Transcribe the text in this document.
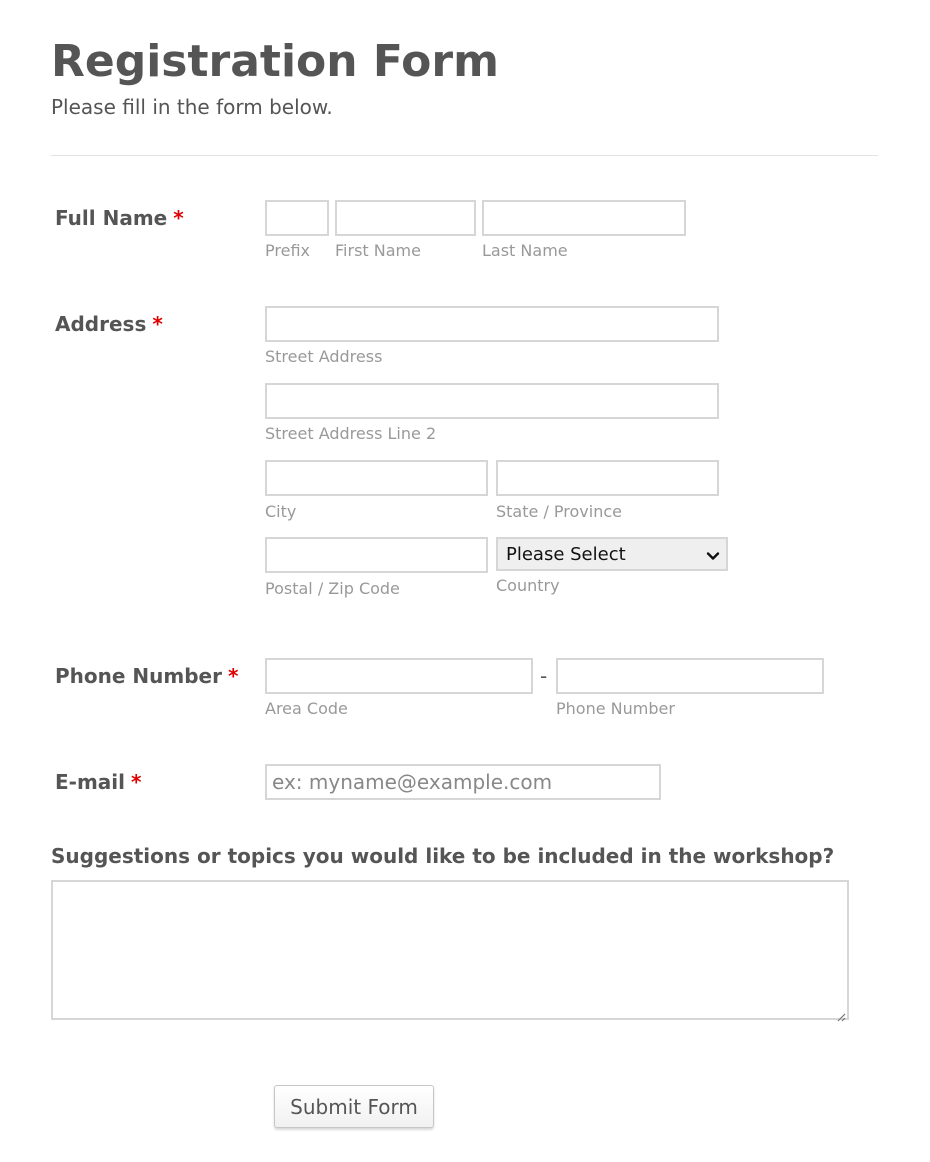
Registration Form
Please fill in the form below.
Full Name *
Prefix First Name	Last Name
Address *
Street Address
Street Address Line 2
City	State / Province
Postal / Zip Code
Please Select
Country
Phone Number *
Area Code
-
Phone Number
E-mail *
ex: myname@example.com
Suggestions or topics you would like to be included in the workshop?
Submit Form
